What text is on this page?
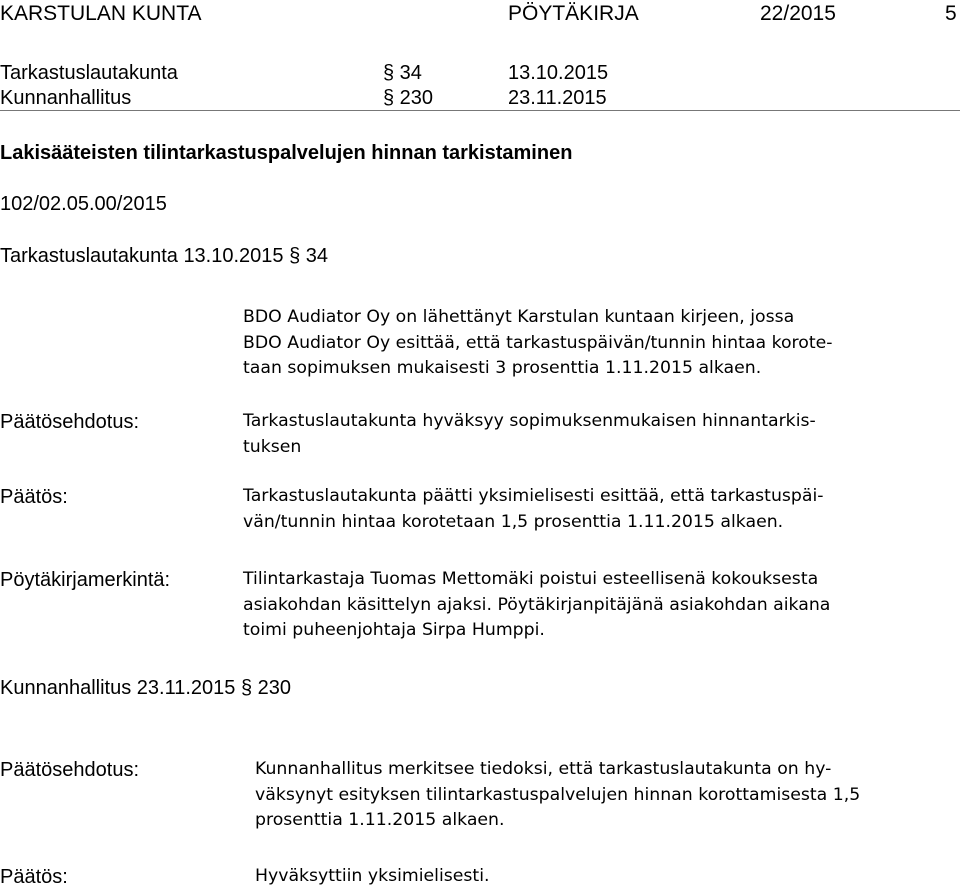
KARSTULAN KUNTA	PÖYTÄKIRJA	22/2015	5
Tarkastuslautakunta	§ 34	13.10.2015
Kunnanhallitus	§ 230	23.11.2015
Lakisääteisten tilintarkastuspalvelujen hinnan tarkistaminen
102/02.05.00/2015
Tarkastuslautakunta 13.10.2015 § 34
BDO Audiator Oy on lähettänyt Karstulan kuntaan kirjeen, jossa
BDO Audiator Oy esittää, että tarkastuspäivän/tunnin hintaa korote-
taan sopimuksen mukaisesti 3 prosenttia 1.11.2015 alkaen.
Päätösehdotus:	Tarkastuslautakunta hyväksyy sopimuksenmukaisen hinnantarkis-
tuksen
Päätös:	Tarkastuslautakunta päätti yksimielisesti esittää, että tarkastuspäi-
vän/tunnin hintaa korotetaan 1,5 prosenttia 1.11.2015 alkaen.
Pöytäkirjamerkintä:	Tilintarkastaja Tuomas Mettomäki poistui esteellisenä kokouksesta
asiakohdan käsittelyn ajaksi. Pöytäkirjanpitäjänä asiakohdan aikana
toimi puheenjohtaja Sirpa Humppi.
Kunnanhallitus 23.11.2015 § 230
Päätösehdotus:	Kunnanhallitus merkitsee tiedoksi, että tarkastuslautakunta on hy-
väksynyt esityksen tilintarkastuspalvelujen hinnan korottamisesta 1,5
prosenttia 1.11.2015 alkaen.
Päätös:	Hyväksyttiin yksimielisesti.
